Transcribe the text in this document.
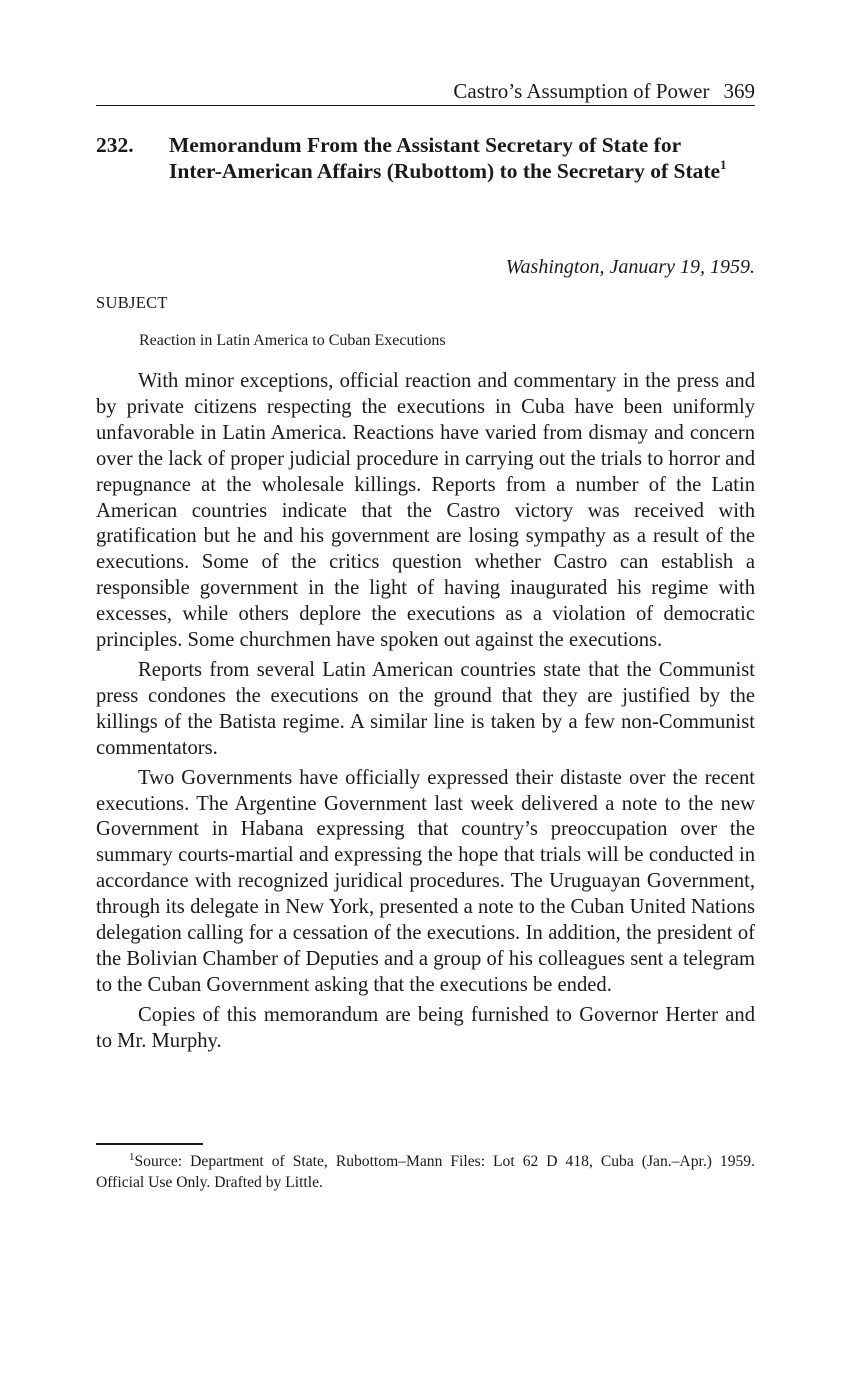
Castro’s Assumption of Power 369
232. Memorandum From the Assistant Secretary of State for Inter-American Affairs (Rubottom) to the Secretary of State$^1$
Washington, January 19, 1959.
SUBJECT
Reaction in Latin America to Cuban Executions

With minor exceptions, official reaction and commentary in the press and by private citizens respecting the executions in Cuba have been uniformly unfavorable in Latin America. Reactions have varied from dismay and concern over the lack of proper judicial procedure in carrying out the trials to horror and repugnance at the wholesale killings. Reports from a number of the Latin American countries indicate that the Castro victory was received with gratification but he and his government are losing sympathy as a result of the executions. Some of the critics question whether Castro can establish a responsible government in the light of having inaugurated his regime with excesses, while others deplore the executions as a violation of democratic principles. Some churchmen have spoken out against the executions.

Reports from several Latin American countries state that the Communist press condones the executions on the ground that they are justified by the killings of the Batista regime. A similar line is taken by a few non-Communist commentators.

Two Governments have officially expressed their distaste over the recent executions. The Argentine Government last week delivered a note to the new Government in Habana expressing that country’s preoccupation over the summary courts-martial and expressing the hope that trials will be conducted in accordance with recognized juridical procedures. The Uruguayan Government, through its delegate in New York, presented a note to the Cuban United Nations delegation calling for a cessation of the executions. In addition, the president of the Bolivian Chamber of Deputies and a group of his colleagues sent a telegram to the Cuban Government asking that the executions be ended.

Copies of this memorandum are being furnished to Governor Herter and to Mr. Murphy.

$^1$Source: Department of State, Rubottom–Mann Files: Lot 62 D 418, Cuba (Jan.–Apr.) 1959. Official Use Only. Drafted by Little.
